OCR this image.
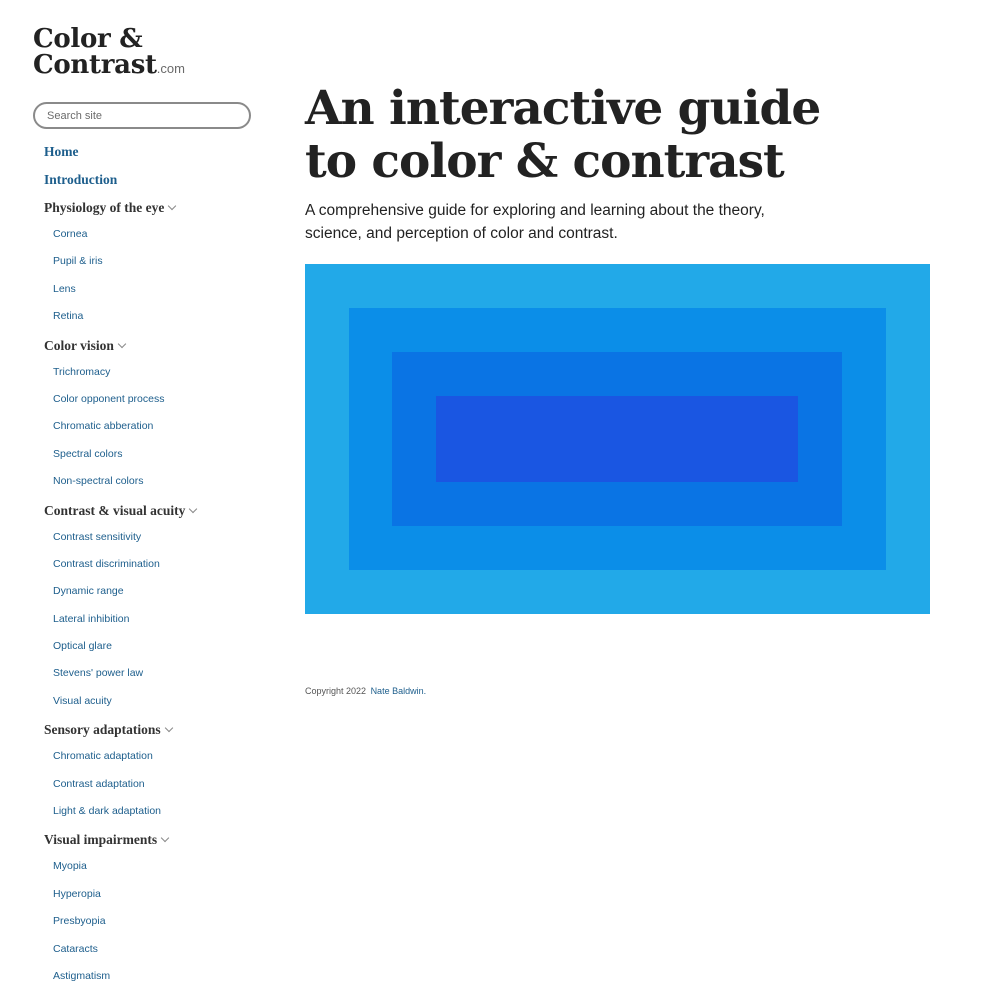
Color &
Contrast.com
Search site
Home
Introduction
Physiology of the eye
Cornea
Pupil & iris
Lens
Retina
Color vision
Trichromacy
Color opponent process
Chromatic abberation
Spectral colors
Non-spectral colors
Contrast & visual acuity
Contrast sensitivity
Contrast discrimination
Dynamic range
Lateral inhibition
Optical glare
Stevens' power law
Visual acuity
Sensory adaptations
Chromatic adaptation
Contrast adaptation
Light & dark adaptation
Visual impairments
Myopia
Hyperopia
Presbyopia
Cataracts
Astigmatism
An interactive guide to color & contrast

A comprehensive guide for exploring and learning about the theory, science, and perception of color and contrast.

Copyright 2022 Nate Baldwin.
